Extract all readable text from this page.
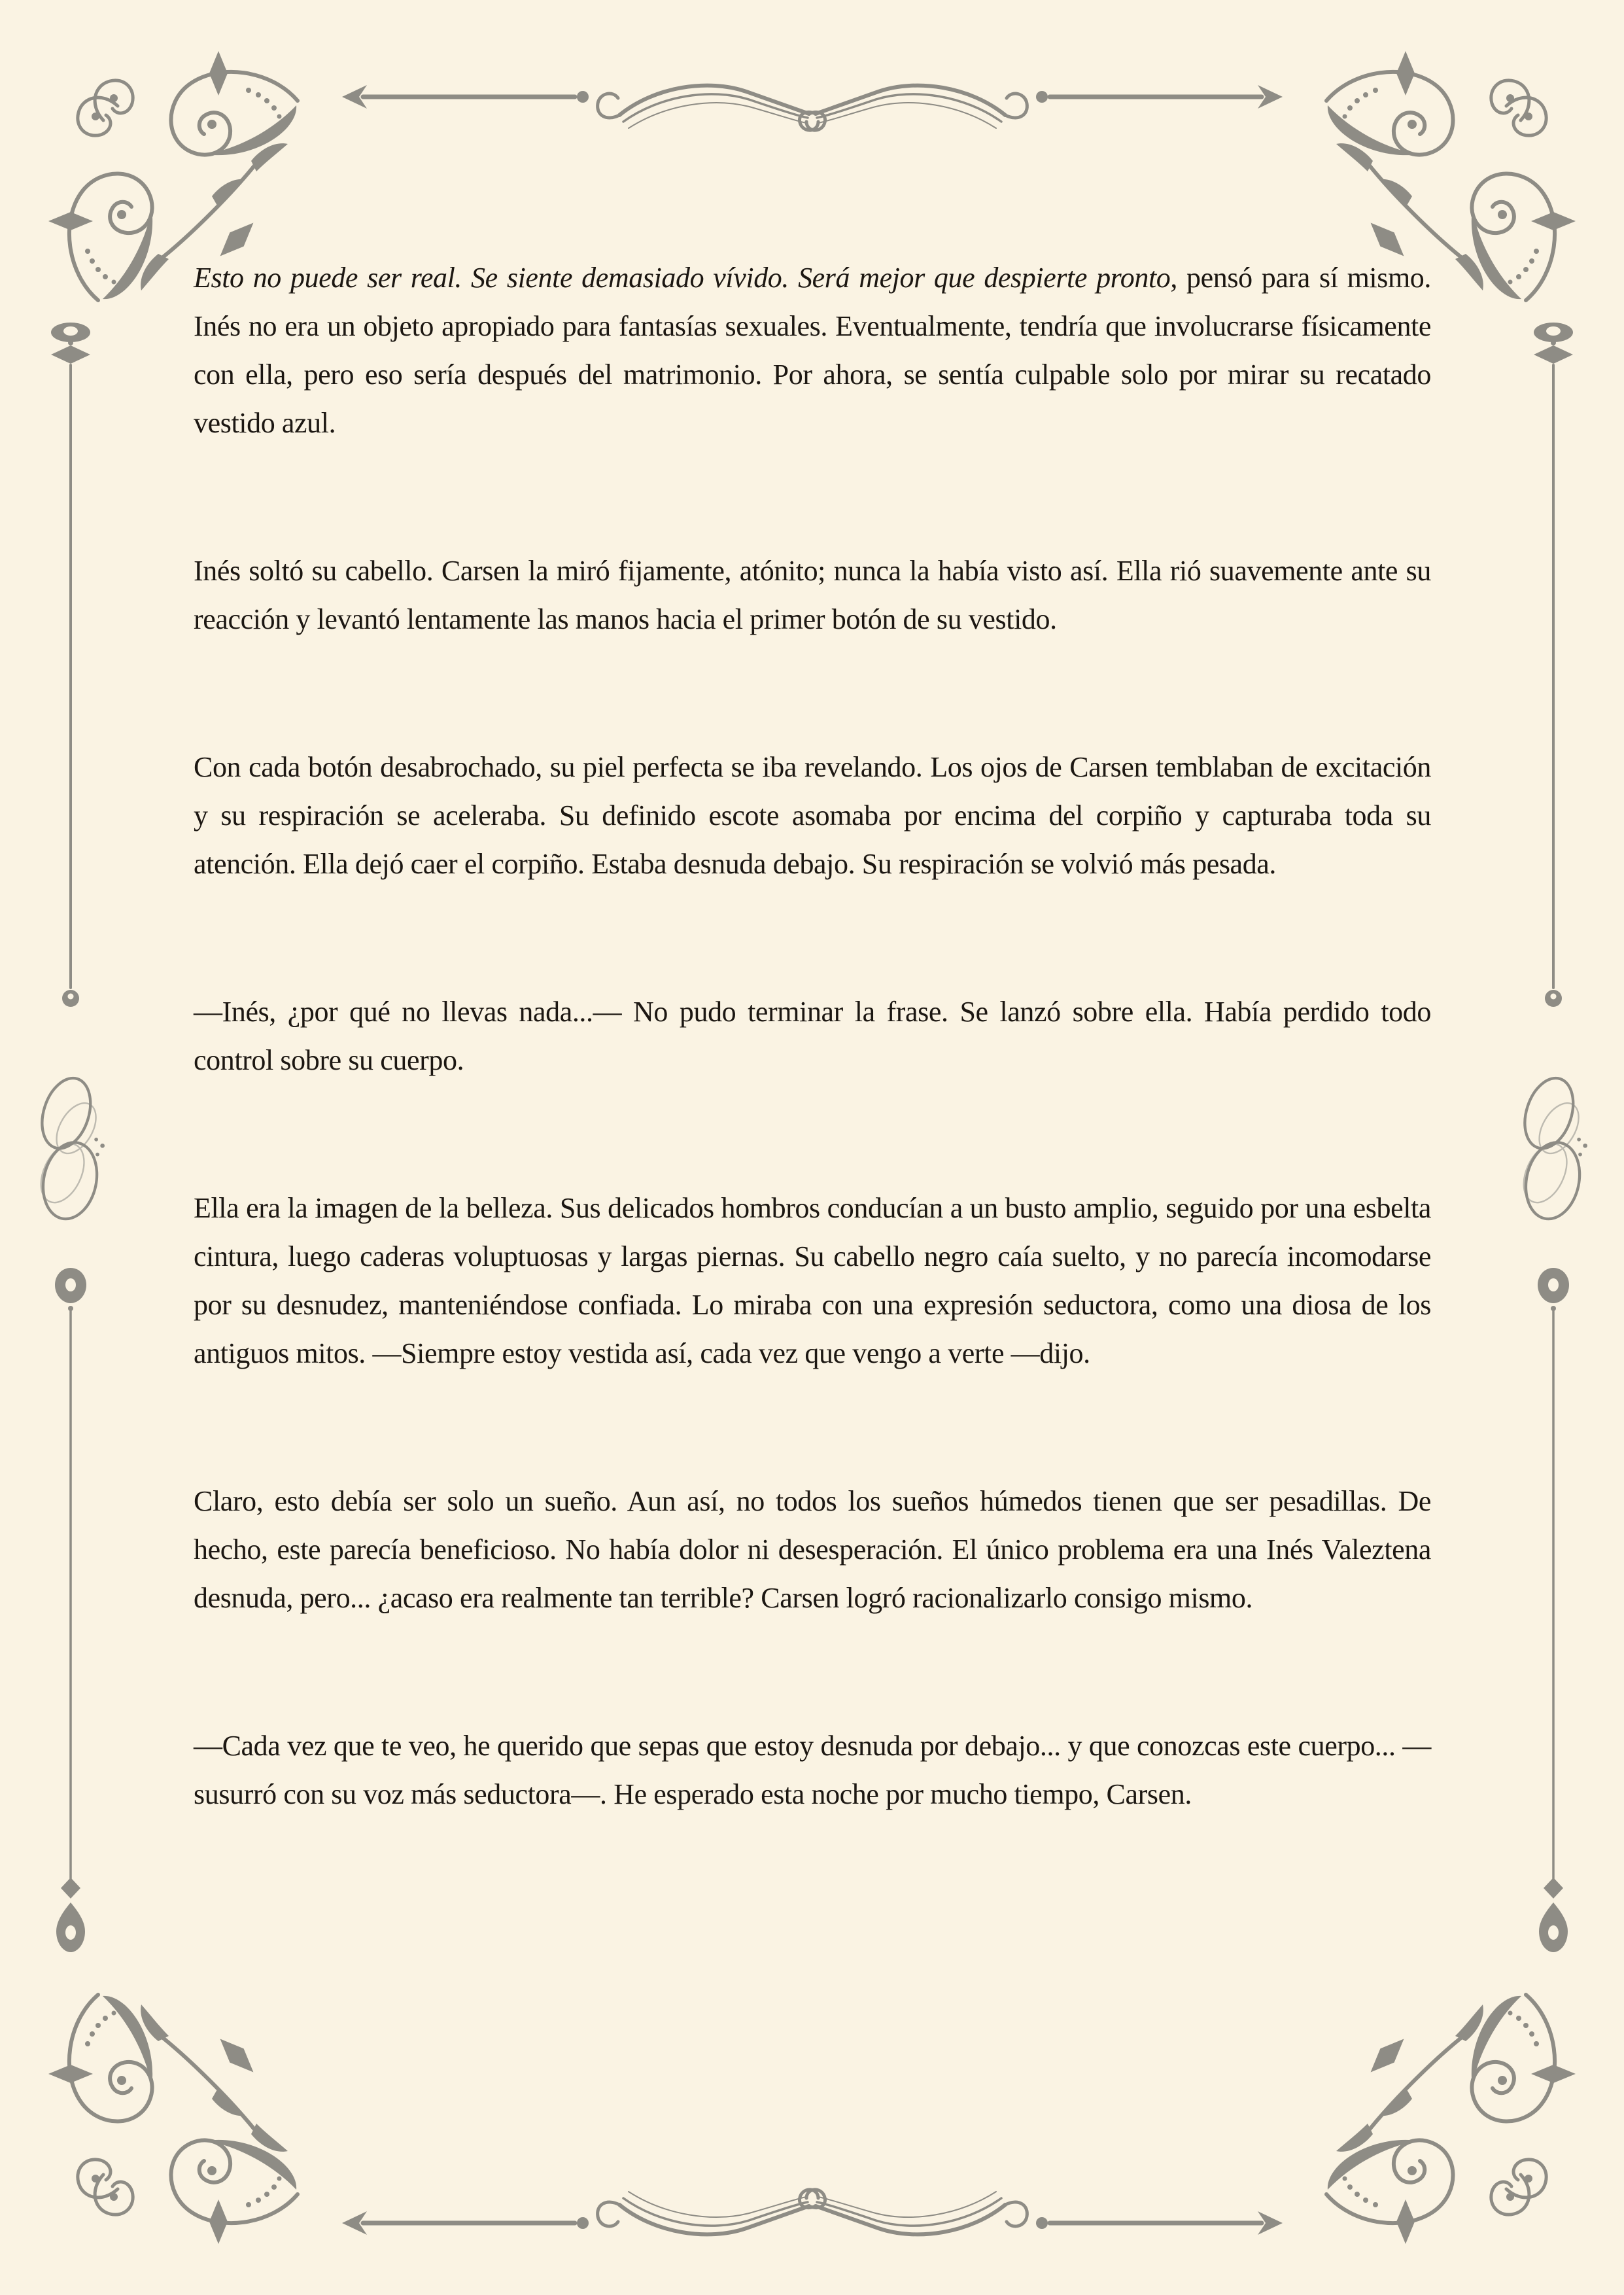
Esto no puede ser real. Se siente demasiado vívido. Será mejor que despierte pronto, pensó para sí mismo. Inés no era un objeto apropiado para fantasías sexuales. Eventualmente, tendría que involucrarse físicamente con ella, pero eso sería después del matrimonio. Por ahora, se sentía culpable solo por mirar su recatado vestido azul.

Inés soltó su cabello. Carsen la miró fijamente, atónito; nunca la había visto así. Ella rió suavemente ante su reacción y levantó lentamente las manos hacia el primer botón de su vestido.

Con cada botón desabrochado, su piel perfecta se iba revelando. Los ojos de Carsen temblaban de excitación y su respiración se aceleraba. Su definido escote asomaba por encima del corpiño y capturaba toda su atención. Ella dejó caer el corpiño. Estaba desnuda debajo. Su respiración se volvió más pesada.

—Inés, ¿por qué no llevas nada...— No pudo terminar la frase. Se lanzó sobre ella. Había perdido todo control sobre su cuerpo.

Ella era la imagen de la belleza. Sus delicados hombros conducían a un busto amplio, seguido por una esbelta cintura, luego caderas voluptuosas y largas piernas. Su cabello negro caía suelto, y no parecía incomodarse por su desnudez, manteniéndose confiada. Lo miraba con una expresión seductora, como una diosa de los antiguos mitos. —Siempre estoy vestida así, cada vez que vengo a verte —dijo.

Claro, esto debía ser solo un sueño. Aun así, no todos los sueños húmedos tienen que ser pesadillas. De hecho, este parecía beneficioso. No había dolor ni desesperación. El único problema era una Inés Valeztena desnuda, pero... ¿acaso era realmente tan terrible? Carsen logró racionalizarlo consigo mismo.

—Cada vez que te veo, he querido que sepas que estoy desnuda por debajo... y que conozcas este cuerpo... —susurró con su voz más seductora—. He esperado esta noche por mucho tiempo, Carsen.
